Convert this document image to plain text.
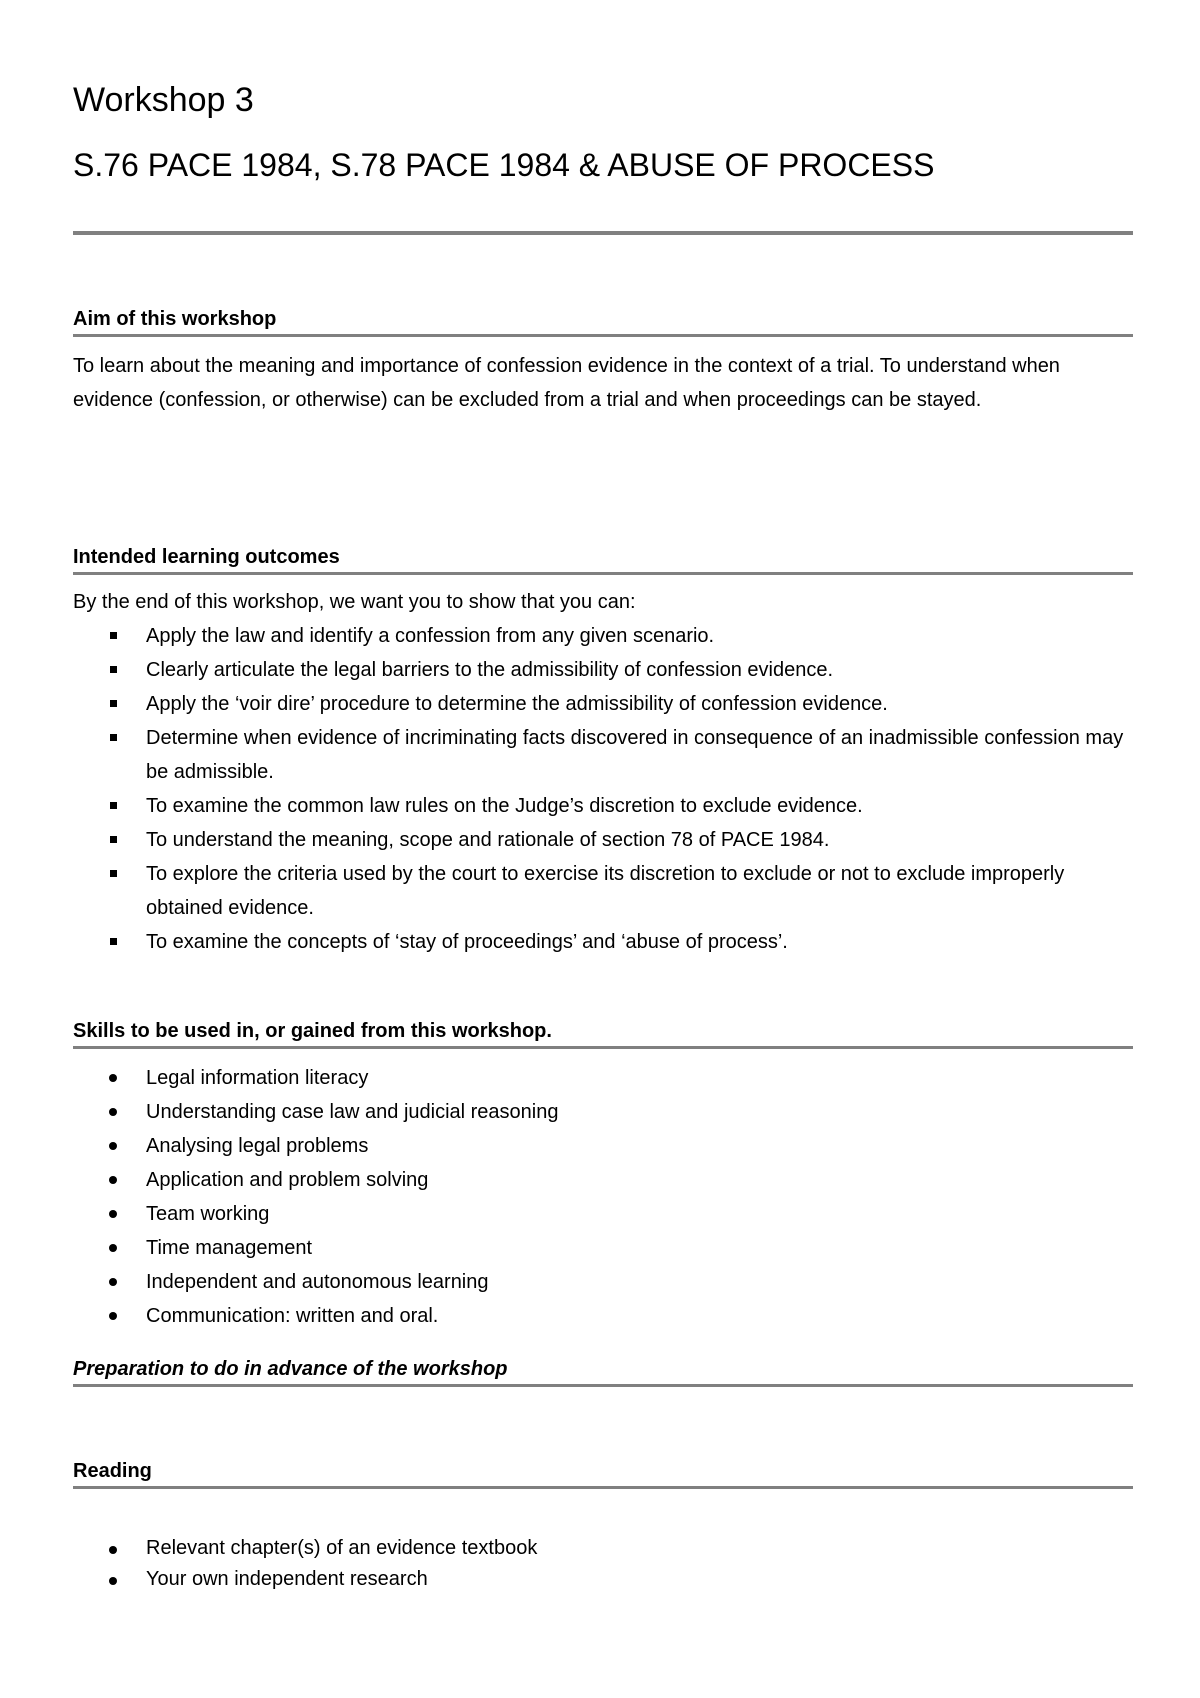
Workshop 3
S.76 PACE 1984, S.78 PACE 1984 & ABUSE OF PROCESS
Aim of this workshop
To learn about the meaning and importance of confession evidence in the context of a trial. To understand when evidence (confession, or otherwise) can be excluded from a trial and when proceedings can be stayed.
Intended learning outcomes
By the end of this workshop, we want you to show that you can:
Apply the law and identify a confession from any given scenario.
Clearly articulate the legal barriers to the admissibility of confession evidence.
Apply the ‘voir dire’ procedure to determine the admissibility of confession evidence.
Determine when evidence of incriminating facts discovered in consequence of an inadmissible confession may be admissible.
To examine the common law rules on the Judge’s discretion to exclude evidence.
To understand the meaning, scope and rationale of section 78 of PACE 1984.
To explore the criteria used by the court to exercise its discretion to exclude or not to exclude improperly obtained evidence.
To examine the concepts of ‘stay of proceedings’ and ‘abuse of process’.
Skills to be used in, or gained from this workshop.
Legal information literacy
Understanding case law and judicial reasoning
Analysing legal problems
Application and problem solving
Team working
Time management
Independent and autonomous learning
Communication: written and oral.
Preparation to do in advance of the workshop
Reading
Relevant chapter(s) of an evidence textbook
Your own independent research
